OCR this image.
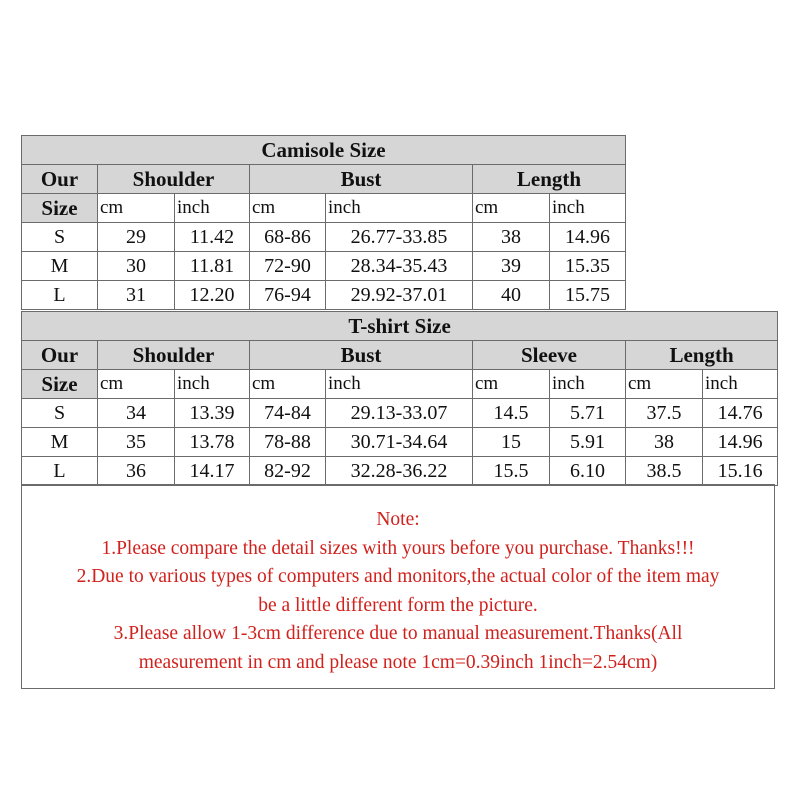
Camisole Size						
Our	Shoulder		Bust		Length	
Size	cm	inch	cm	inch	cm	inch
S	29	11.42	68-86	26.77-33.85	38	14.96
M	30	11.81	72-90	28.34-35.43	39	15.35
L	31	12.20	76-94	29.92-37.01	40	15.75
T-shirt Size								
Our	Shoulder		Bust		Sleeve		Length	
Size	cm	inch	cm	inch	cm	inch	cm	inch
S	34	13.39	74-84	29.13-33.07	14.5	5.71	37.5	14.76
M	35	13.78	78-88	30.71-34.64	15	5.91	38	14.96
L	36	14.17	82-92	32.28-36.22	15.5	6.10	38.5	15.16
Note:
1.Please compare the detail sizes with yours before you purchase. Thanks!!!
2.Due to various types of computers and monitors,the actual color of the item may
be a little different form the picture.
3.Please allow 1-3cm difference due to manual measurement.Thanks(All
measurement in cm and please note 1cm=0.39inch 1inch=2.54cm)
